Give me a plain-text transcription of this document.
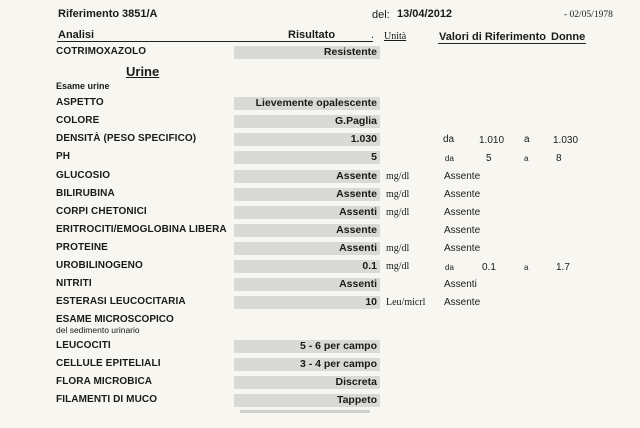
Riferimento 3851/A	del: 13/04/2012	- 02/05/1978
Analisi	Risultato	. Unità	Valori di Riferimento Donne
COTRIMOXAZOLO	Resistente
Urine
Esame urine
ASPETTO	Lievemente opalescente
COLORE	G.Paglia
DENSITÀ (PESO SPECIFICO)	1.030	da 1.010 a 1.030
PH	5	da	5	a	8
GLUCOSIO	Assente mg/dl	Assente
BILIRUBINA	Assente mg/dl	Assente
CORPI CHETONICI	Assenti mg/dl	Assente
ERITROCITI/EMOGLOBINA LIBERA	Assente	Assente
PROTEINE	Assenti mg/dl	Assente
UROBILINOGENO	0.1 mg/dl	da	0.1	a	1.7
NITRITI	Assenti	Assenti
ESTERASI LEUCOCITARIA	10 Leu/micrl Assente
ESAME MICROSCOPICO
del sedimento urinario
LEUCOCITI	5 - 6 per campo
CELLULE EPITELIALI	3 - 4 per campo
FLORA MICROBICA	Discreta
FILAMENTI DI MUCO	Tappeto
